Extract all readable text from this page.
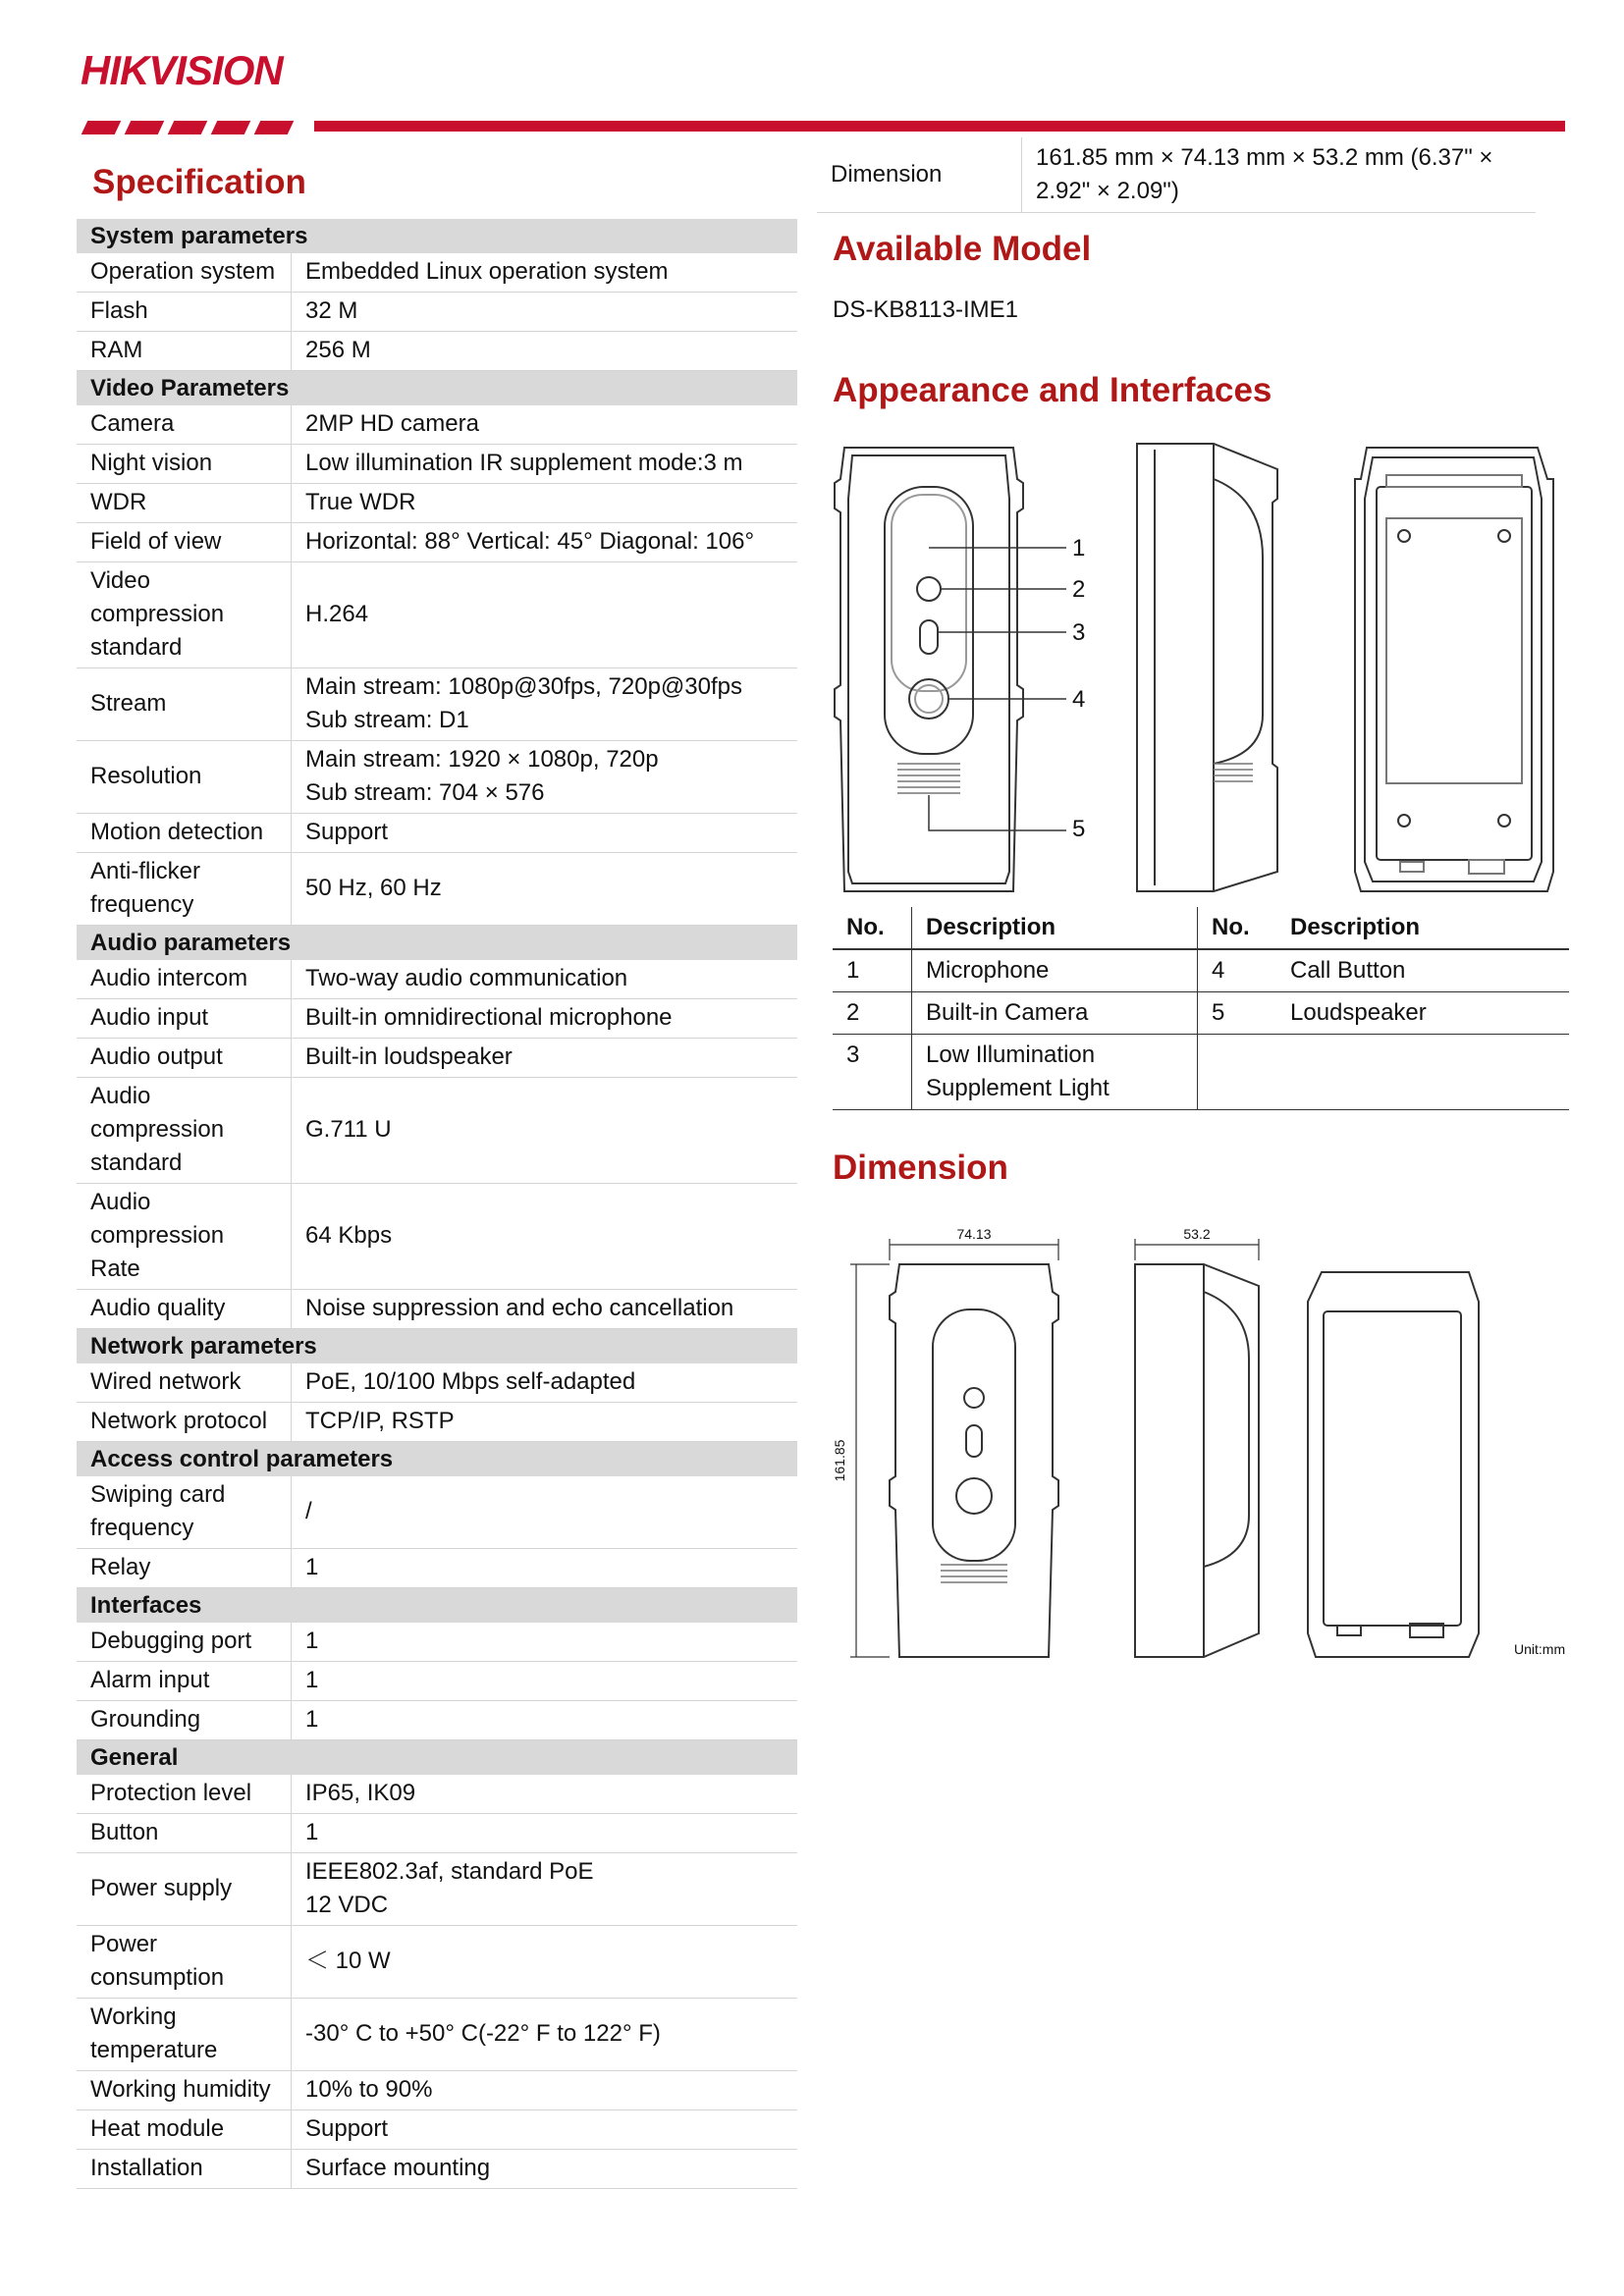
HIKVISION
Specification
System parameters	
Operation system	Embedded Linux operation system
Flash	32 M
RAM	256 M
Video Parameters	
Camera	2MP HD camera
Night vision	Low illumination IR supplement mode:3 m
WDR	True WDR
Field of view	Horizontal: 88° Vertical: 45° Diagonal: 106°
Video compression standard	H.264
Stream	Main stream: 1080p@30fps, 720p@30fps
Sub stream: D1
Resolution	Main stream: 1920 × 1080p, 720p
Sub stream: 704 × 576
Motion detection	Support
Anti-flicker frequency	50 Hz, 60 Hz
Audio parameters	
Audio intercom	Two-way audio communication
Audio input	Built-in omnidirectional microphone
Audio output	Built-in loudspeaker
Audio compression standard	G.711 U
Audio compression Rate	64 Kbps
Audio quality	Noise suppression and echo cancellation
Network parameters	
Wired network	PoE, 10/100 Mbps self-adapted
Network protocol	TCP/IP, RSTP
Access control parameters	
Swiping card frequency	/
Relay	1
Interfaces	
Debugging port	1
Alarm input	1
Grounding	1
General	
Protection level	IP65, IK09
Button	1
Power supply	IEEE802.3af, standard PoE
12 VDC
Power consumption	＜ 10 W
Working temperature	-30° C to +50° C(-22° F to 122° F)
Working humidity	10% to 90%
Heat module	Support
Installation	Surface mounting
Dimension	161.85 mm × 74.13 mm × 53.2 mm (6.37" × 2.92" × 2.09")
Available Model
DS-KB8113-IME1
Appearance and Interfaces
1
2
3
4
5
No.	Description	No.	Description
1	Microphone	4	Call Button
2	Built-in Camera	5	Loudspeaker
3	Low Illumination Supplement Light		
Dimension
74.13	53.2
161.85
Unit:mm
